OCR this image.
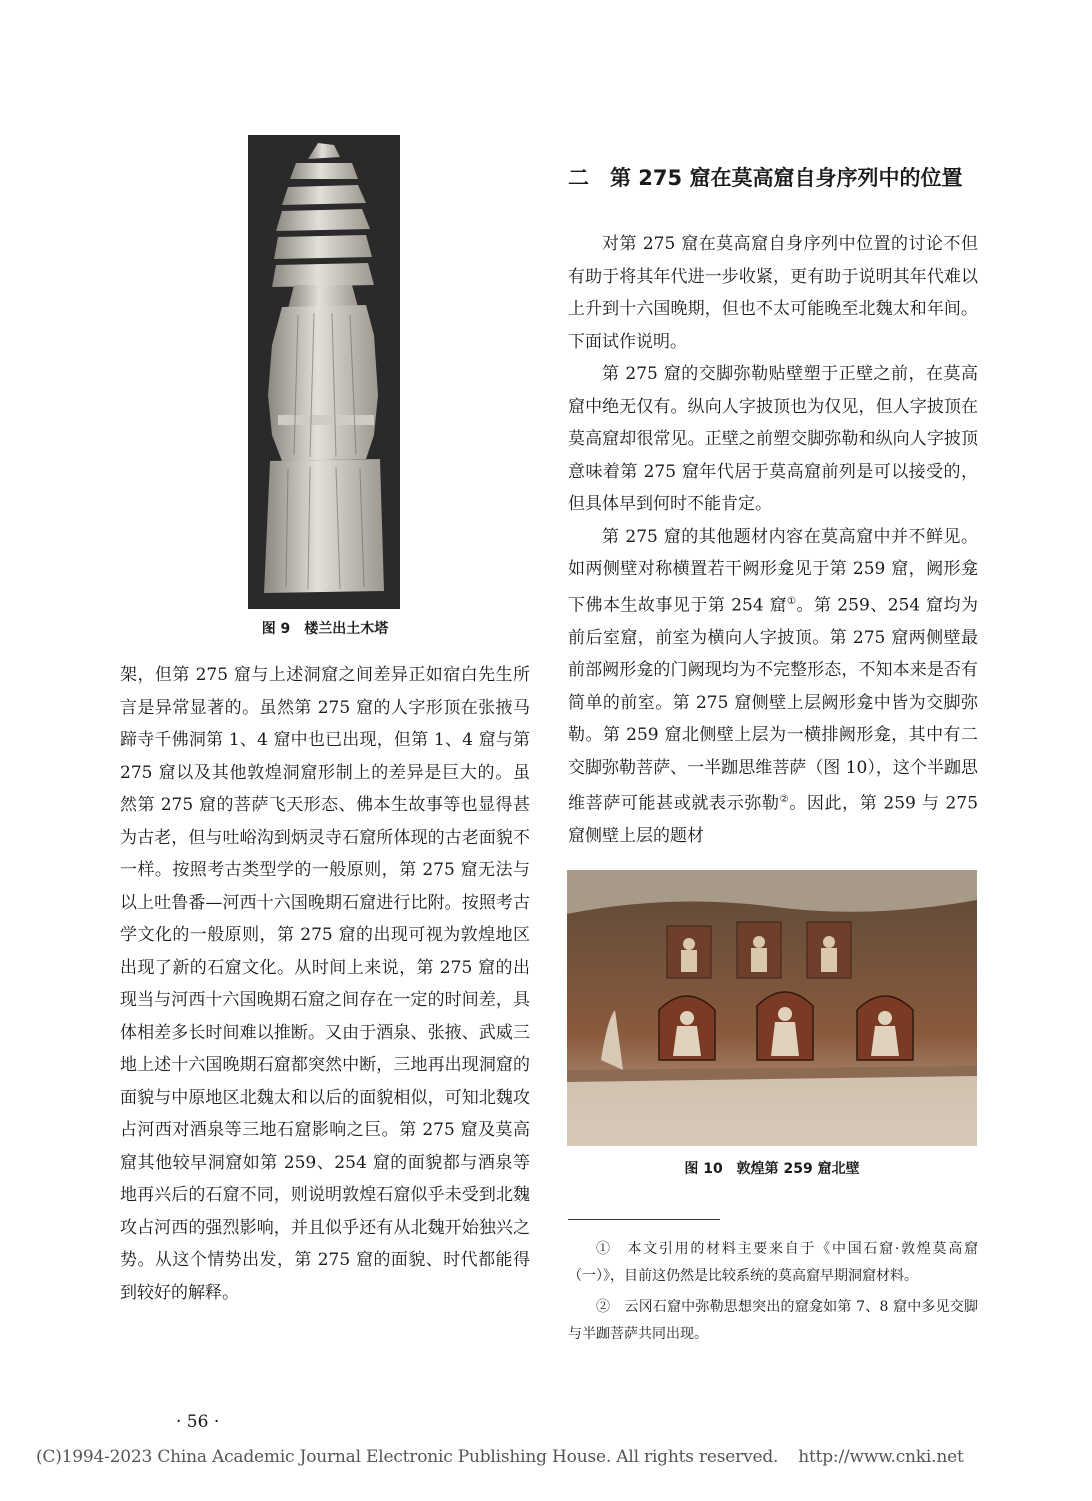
图 9　楼兰出土木塔

架，但第 275 窟与上述洞窟之间差异正如宿白先生所言是异常显著的。虽然第 275 窟的人字形顶在张掖马蹄寺千佛洞第 1、4 窟中也已出现，但第 1、4 窟与第 275 窟以及其他敦煌洞窟形制上的差异是巨大的。虽然第 275 窟的菩萨飞天形态、佛本生故事等也显得甚为古老，但与吐峪沟到炳灵寺石窟所体现的古老面貌不一样。按照考古类型学的一般原则，第 275 窟无法与以上吐鲁番—河西十六国晚期石窟进行比附。按照考古学文化的一般原则，第 275 窟的出现可视为敦煌地区出现了新的石窟文化。从时间上来说，第 275 窟的出现当与河西十六国晚期石窟之间存在一定的时间差，具体相差多长时间难以推断。又由于酒泉、张掖、武威三地上述十六国晚期石窟都突然中断，三地再出现洞窟的面貌与中原地区北魏太和以后的面貌相似，可知北魏攻占河西对酒泉等三地石窟影响之巨。第 275 窟及莫高窟其他较早洞窟如第 259、254 窟的面貌都与酒泉等地再兴后的石窟不同，则说明敦煌石窟似乎未受到北魏攻占河西的强烈影响，并且似乎还有从北魏开始独兴之势。从这个情势出发，第 275 窟的面貌、时代都能得到较好的解释。

二　第 275 窟在莫高窟自身序列中的位置

对第 275 窟在莫高窟自身序列中位置的讨论不但有助于将其年代进一步收紧，更有助于说明其年代难以上升到十六国晚期，但也不太可能晚至北魏太和年间。下面试作说明。

第 275 窟的交脚弥勒贴壁塑于正壁之前，在莫高窟中绝无仅有。纵向人字披顶也为仅见，但人字披顶在莫高窟却很常见。正壁之前塑交脚弥勒和纵向人字披顶意味着第 275 窟年代居于莫高窟前列是可以接受的，但具体早到何时不能肯定。

第 275 窟的其他题材内容在莫高窟中并不鲜见。如两侧壁对称横置若干阙形龛见于第 259 窟，阙形龛下佛本生故事见于第 254 窟①。第 259、254 窟均为前后室窟，前室为横向人字披顶。第 275 窟两侧壁最前部阙形龛的门阙现均为不完整形态，不知本来是否有简单的前室。第 275 窟侧壁上层阙形龛中皆为交脚弥勒。第 259 窟北侧壁上层为一横排阙形龛，其中有二交脚弥勒菩萨、一半跏思维菩萨（图 10），这个半跏思维菩萨可能甚或就表示弥勒②。因此，第 259 与 275 窟侧壁上层的题材

图 10　敦煌第 259 窟北壁

①　本文引用的材料主要来自于《中国石窟·敦煌莫高窟（一）》，目前这仍然是比较系统的莫高窟早期洞窟材料。

②　云冈石窟中弥勒思想突出的窟龛如第 7、8 窟中多见交脚与半跏菩萨共同出现。

· 56 ·
(C)1994-2023 China Academic Journal Electronic Publishing House. All rights reserved. http://www.cnki.net
